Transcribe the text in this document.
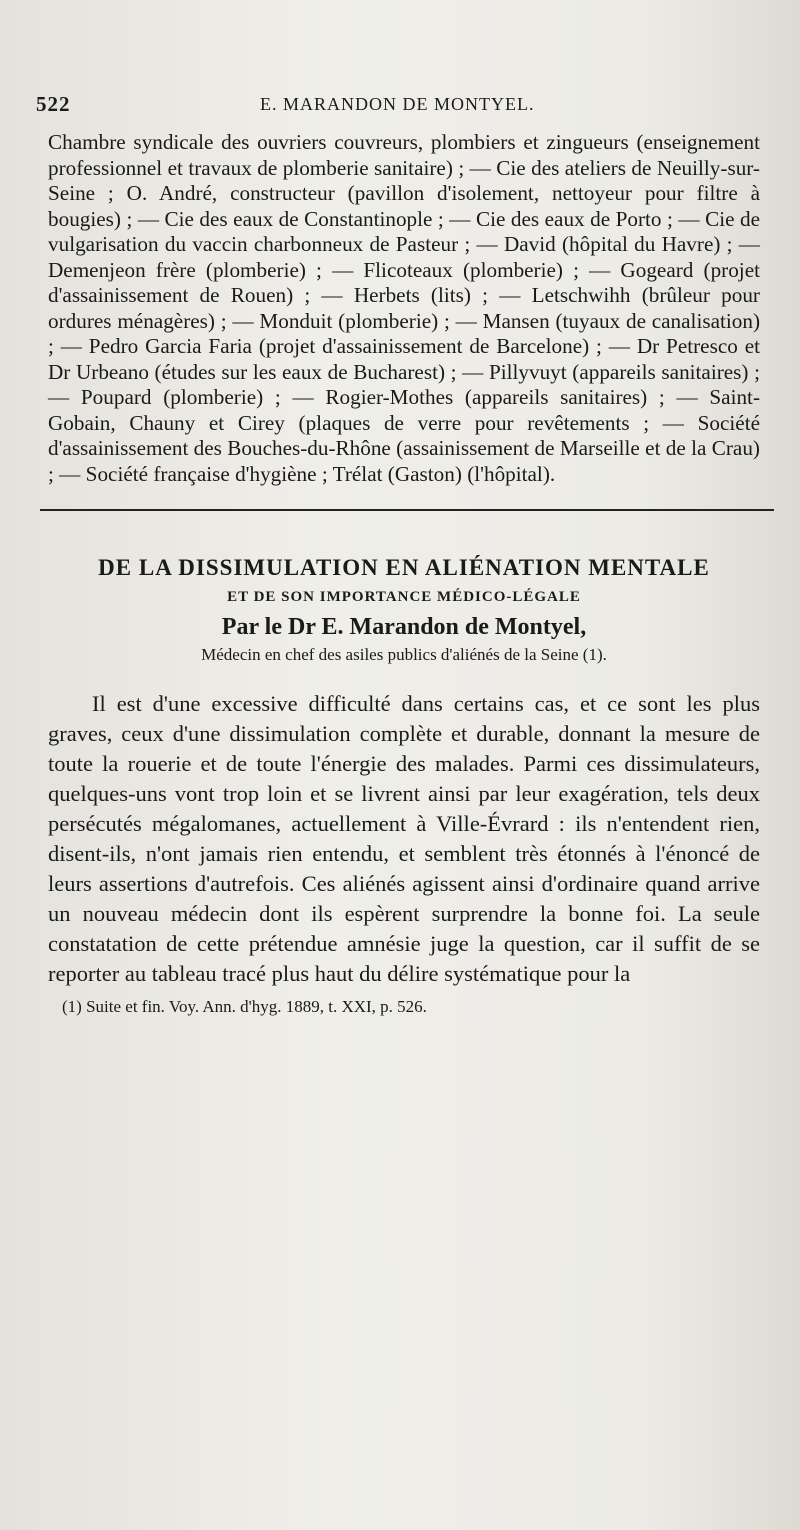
522	E. MARANDON DE MONTYEL.

Chambre syndicale des ouvriers couvreurs, plombiers et zingueurs (enseignement professionnel et travaux de plomberie sanitaire) ; — Cie des ateliers de Neuilly-sur-Seine ; O. André, constructeur (pavillon d'isolement, nettoyeur pour filtre à bougies) ; — Cie des eaux de Constantinople ; — Cie des eaux de Porto ; — Cie de vulgarisation du vaccin charbonneux de Pasteur ; — David (hôpital du Havre) ; — Demenjeon frère (plomberie) ; — Flicoteaux (plomberie) ; — Gogeard (projet d'assainissement de Rouen) ; — Herbets (lits) ; — Letschwihh (brûleur pour ordures ménagères) ; — Monduit (plomberie) ; — Mansen (tuyaux de canalisation) ; — Pedro Garcia Faria (projet d'assainissement de Barcelone) ; — Dr Petresco et Dr Urbeano (études sur les eaux de Bucharest) ; — Pillyvuyt (appareils sanitaires) ; — Poupard (plomberie) ; — Rogier-Mothes (appareils sanitaires) ; — Saint-Gobain, Chauny et Cirey (plaques de verre pour revêtements ; — Société d'assainissement des Bouches-du-Rhône (assainissement de Marseille et de la Crau) ; — Société française d'hygiène ; Trélat (Gaston) (l'hôpital).

DE LA DISSIMULATION EN ALIÉNATION MENTALE
ET DE SON IMPORTANCE MÉDICO-LÉGALE
Par le Dr E. Marandon de Montyel,
Médecin en chef des asiles publics d'aliénés de la Seine (1).

Il est d'une excessive difficulté dans certains cas, et ce sont les plus graves, ceux d'une dissimulation complète et durable, donnant la mesure de toute la rouerie et de toute l'énergie des malades. Parmi ces dissimulateurs, quelques-uns vont trop loin et se livrent ainsi par leur exagération, tels deux persécutés mégalomanes, actuellement à Ville-Évrard : ils n'entendent rien, disent-ils, n'ont jamais rien entendu, et semblent très étonnés à l'énoncé de leurs assertions d'autrefois. Ces aliénés agissent ainsi d'ordinaire quand arrive un nouveau médecin dont ils espèrent surprendre la bonne foi. La seule constatation de cette prétendue amnésie juge la question, car il suffit de se reporter au tableau tracé plus haut du délire systématique pour la

(1) Suite et fin. Voy. Ann. d'hyg. 1889, t. XXI, p. 526.
